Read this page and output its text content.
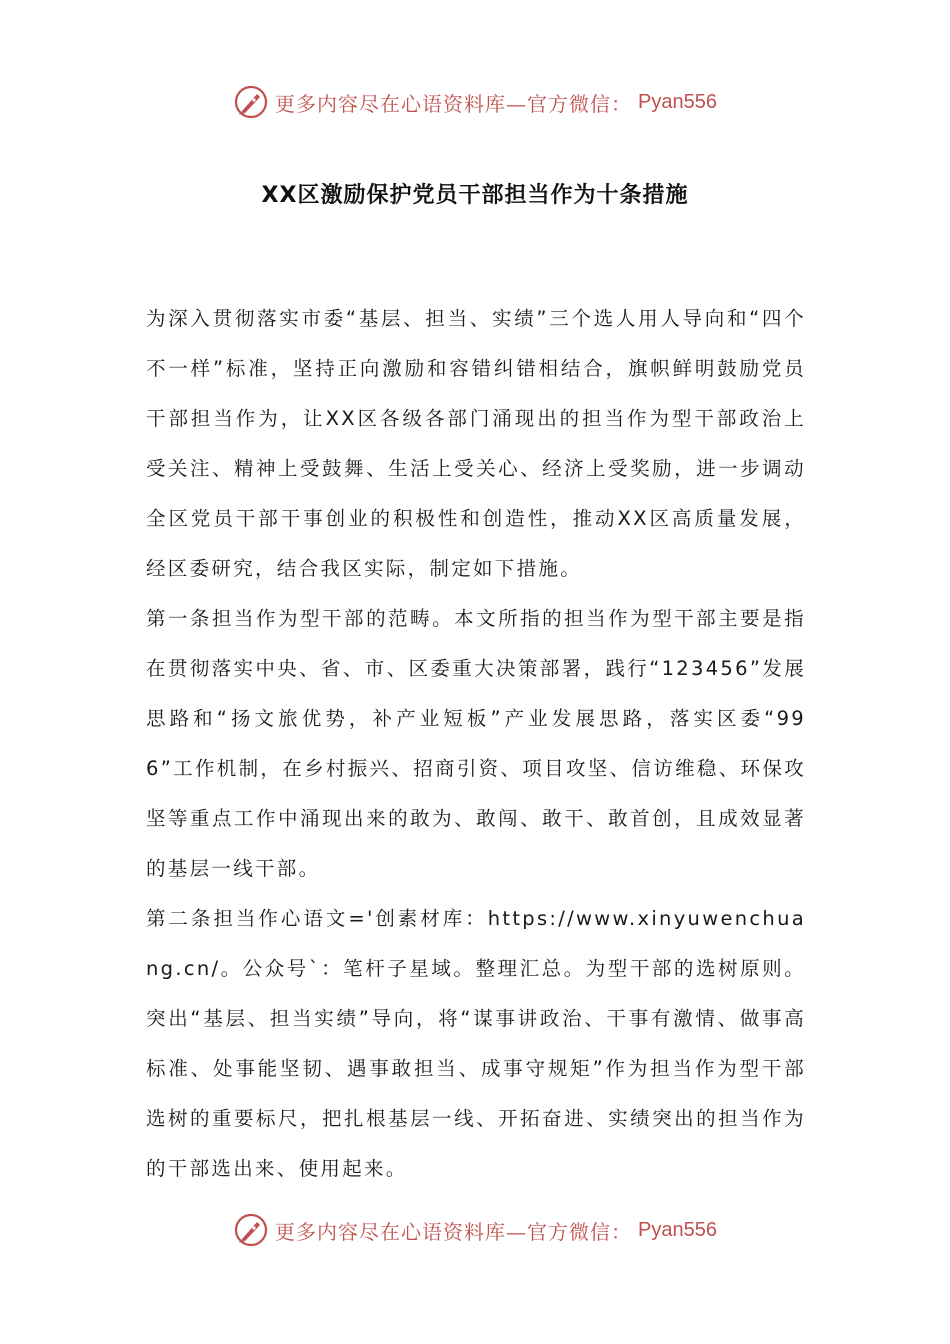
更多内容尽在心语资料库—官方微信： Pyan556
XX区激励保护党员干部担当作为十条措施

为深入贯彻落实市委“基层、担当、实绩”三个选人用人导向和“四个不一样”标准，坚持正向激励和容错纠错相结合，旗帜鲜明鼓励党员干部担当作为，让XX区各级各部门涌现出的担当作为型干部政治上受关注、精神上受鼓舞、生活上受关心、经济上受奖励，进一步调动全区党员干部干事创业的积极性和创造性，推动XX区高质量发展，经区委研究，结合我区实际，制定如下措施。

第一条担当作为型干部的范畴。本文所指的担当作为型干部主要是指在贯彻落实中央、省、市、区委重大决策部署，践行“123456”发展思路和“扬文旅优势，补产业短板”产业发展思路，落实区委“996”工作机制，在乡村振兴、招商引资、项目攻坚、信访维稳、环保攻坚等重点工作中涌现出来的敢为、敢闯、敢干、敢首创，且成效显著的基层一线干部。

第二条担当作心语文='创素材库：https://www.xinyuwenchuang.cn/。公众号`：笔杆子星域。整理汇总。为型干部的选树原则。突出“基层、担当实绩”导向，将“谋事讲政治、干事有激情、做事高标准、处事能坚韧、遇事敢担当、成事守规矩”作为担当作为型干部选树的重要标尺，把扎根基层一线、开拓奋进、实绩突出的担当作为的干部选出来、使用起来。

更多内容尽在心语资料库—官方微信： Pyan556
